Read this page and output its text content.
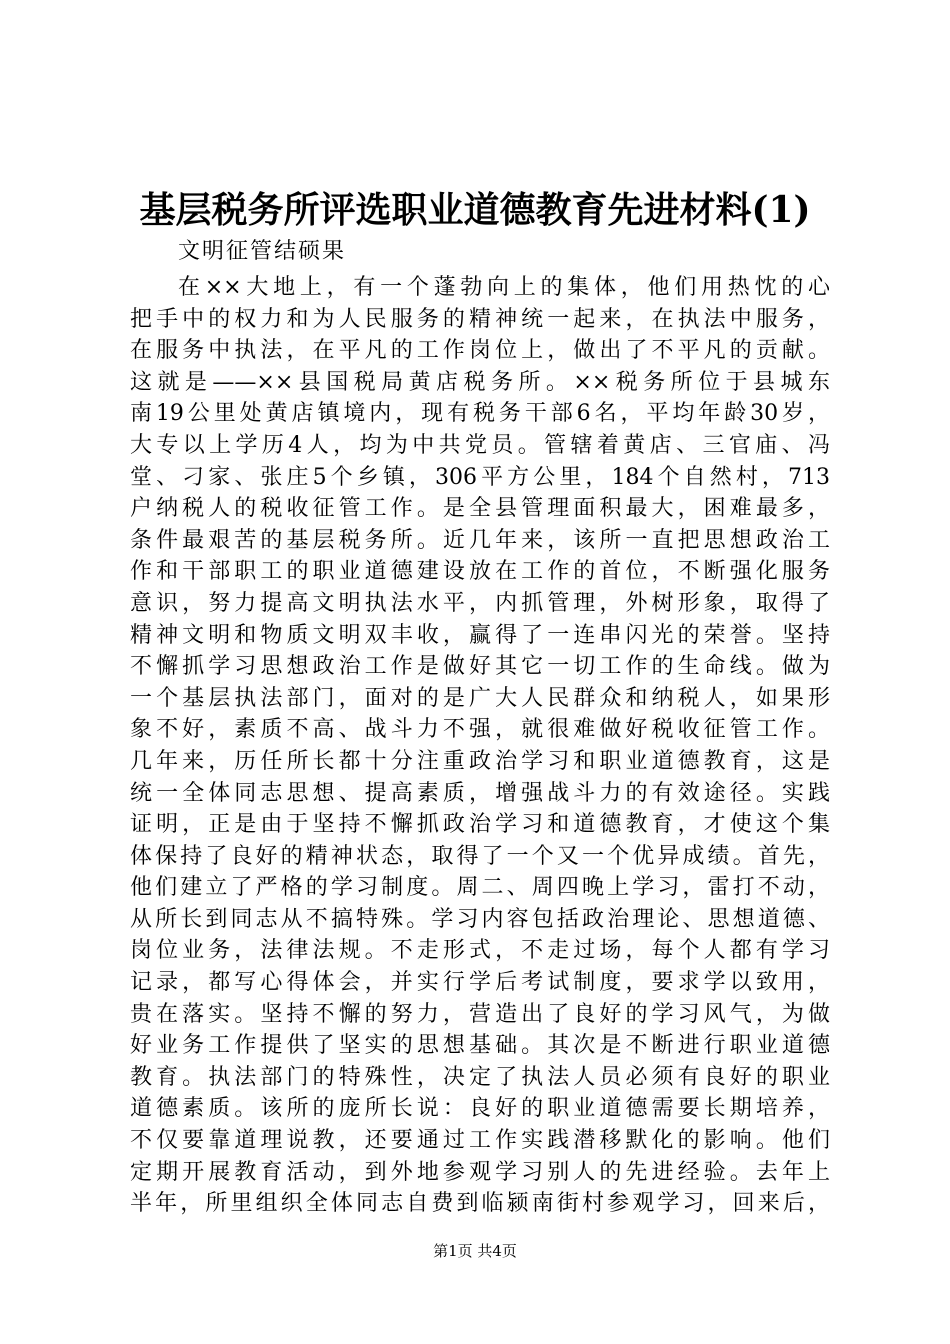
基层税务所评选职业道德教育先进材料(1)
文明征管结硕果
在××大地上，有一个蓬勃向上的集体，他们用热忱的心
把手中的权力和为人民服务的精神统一起来，在执法中服务，
在服务中执法，在平凡的工作岗位上，做出了不平凡的贡献。
这就是——××县国税局黄店税务所。××税务所位于县城东
南19公里处黄店镇境内，现有税务干部6名，平均年龄30岁，
大专以上学历4人，均为中共党员。管辖着黄店、三官庙、冯
堂、刁家、张庄5个乡镇，306平方公里，184个自然村，713
户纳税人的税收征管工作。是全县管理面积最大，困难最多，
条件最艰苦的基层税务所。近几年来，该所一直把思想政治工
作和干部职工的职业道德建设放在工作的首位，不断强化服务
意识，努力提高文明执法水平，内抓管理，外树形象，取得了
精神文明和物质文明双丰收，赢得了一连串闪光的荣誉。坚持
不懈抓学习思想政治工作是做好其它一切工作的生命线。做为
一个基层执法部门，面对的是广大人民群众和纳税人，如果形
象不好，素质不高、战斗力不强，就很难做好税收征管工作。
几年来，历任所长都十分注重政治学习和职业道德教育，这是
统一全体同志思想、提高素质，增强战斗力的有效途径。实践
证明，正是由于坚持不懈抓政治学习和道德教育，才使这个集
体保持了良好的精神状态，取得了一个又一个优异成绩。首先，
他们建立了严格的学习制度。周二、周四晚上学习，雷打不动，
从所长到同志从不搞特殊。学习内容包括政治理论、思想道德、
岗位业务，法律法规。不走形式，不走过场，每个人都有学习
记录，都写心得体会，并实行学后考试制度，要求学以致用，
贵在落实。坚持不懈的努力，营造出了良好的学习风气，为做
好业务工作提供了坚实的思想基础。其次是不断进行职业道德
教育。执法部门的特殊性，决定了执法人员必须有良好的职业
道德素质。该所的庞所长说：良好的职业道德需要长期培养，
不仅要靠道理说教，还要通过工作实践潜移默化的影响。他们
定期开展教育活动，到外地参观学习别人的先进经验。去年上
半年，所里组织全体同志自费到临颍南街村参观学习，回来后，
第1页 共4页
